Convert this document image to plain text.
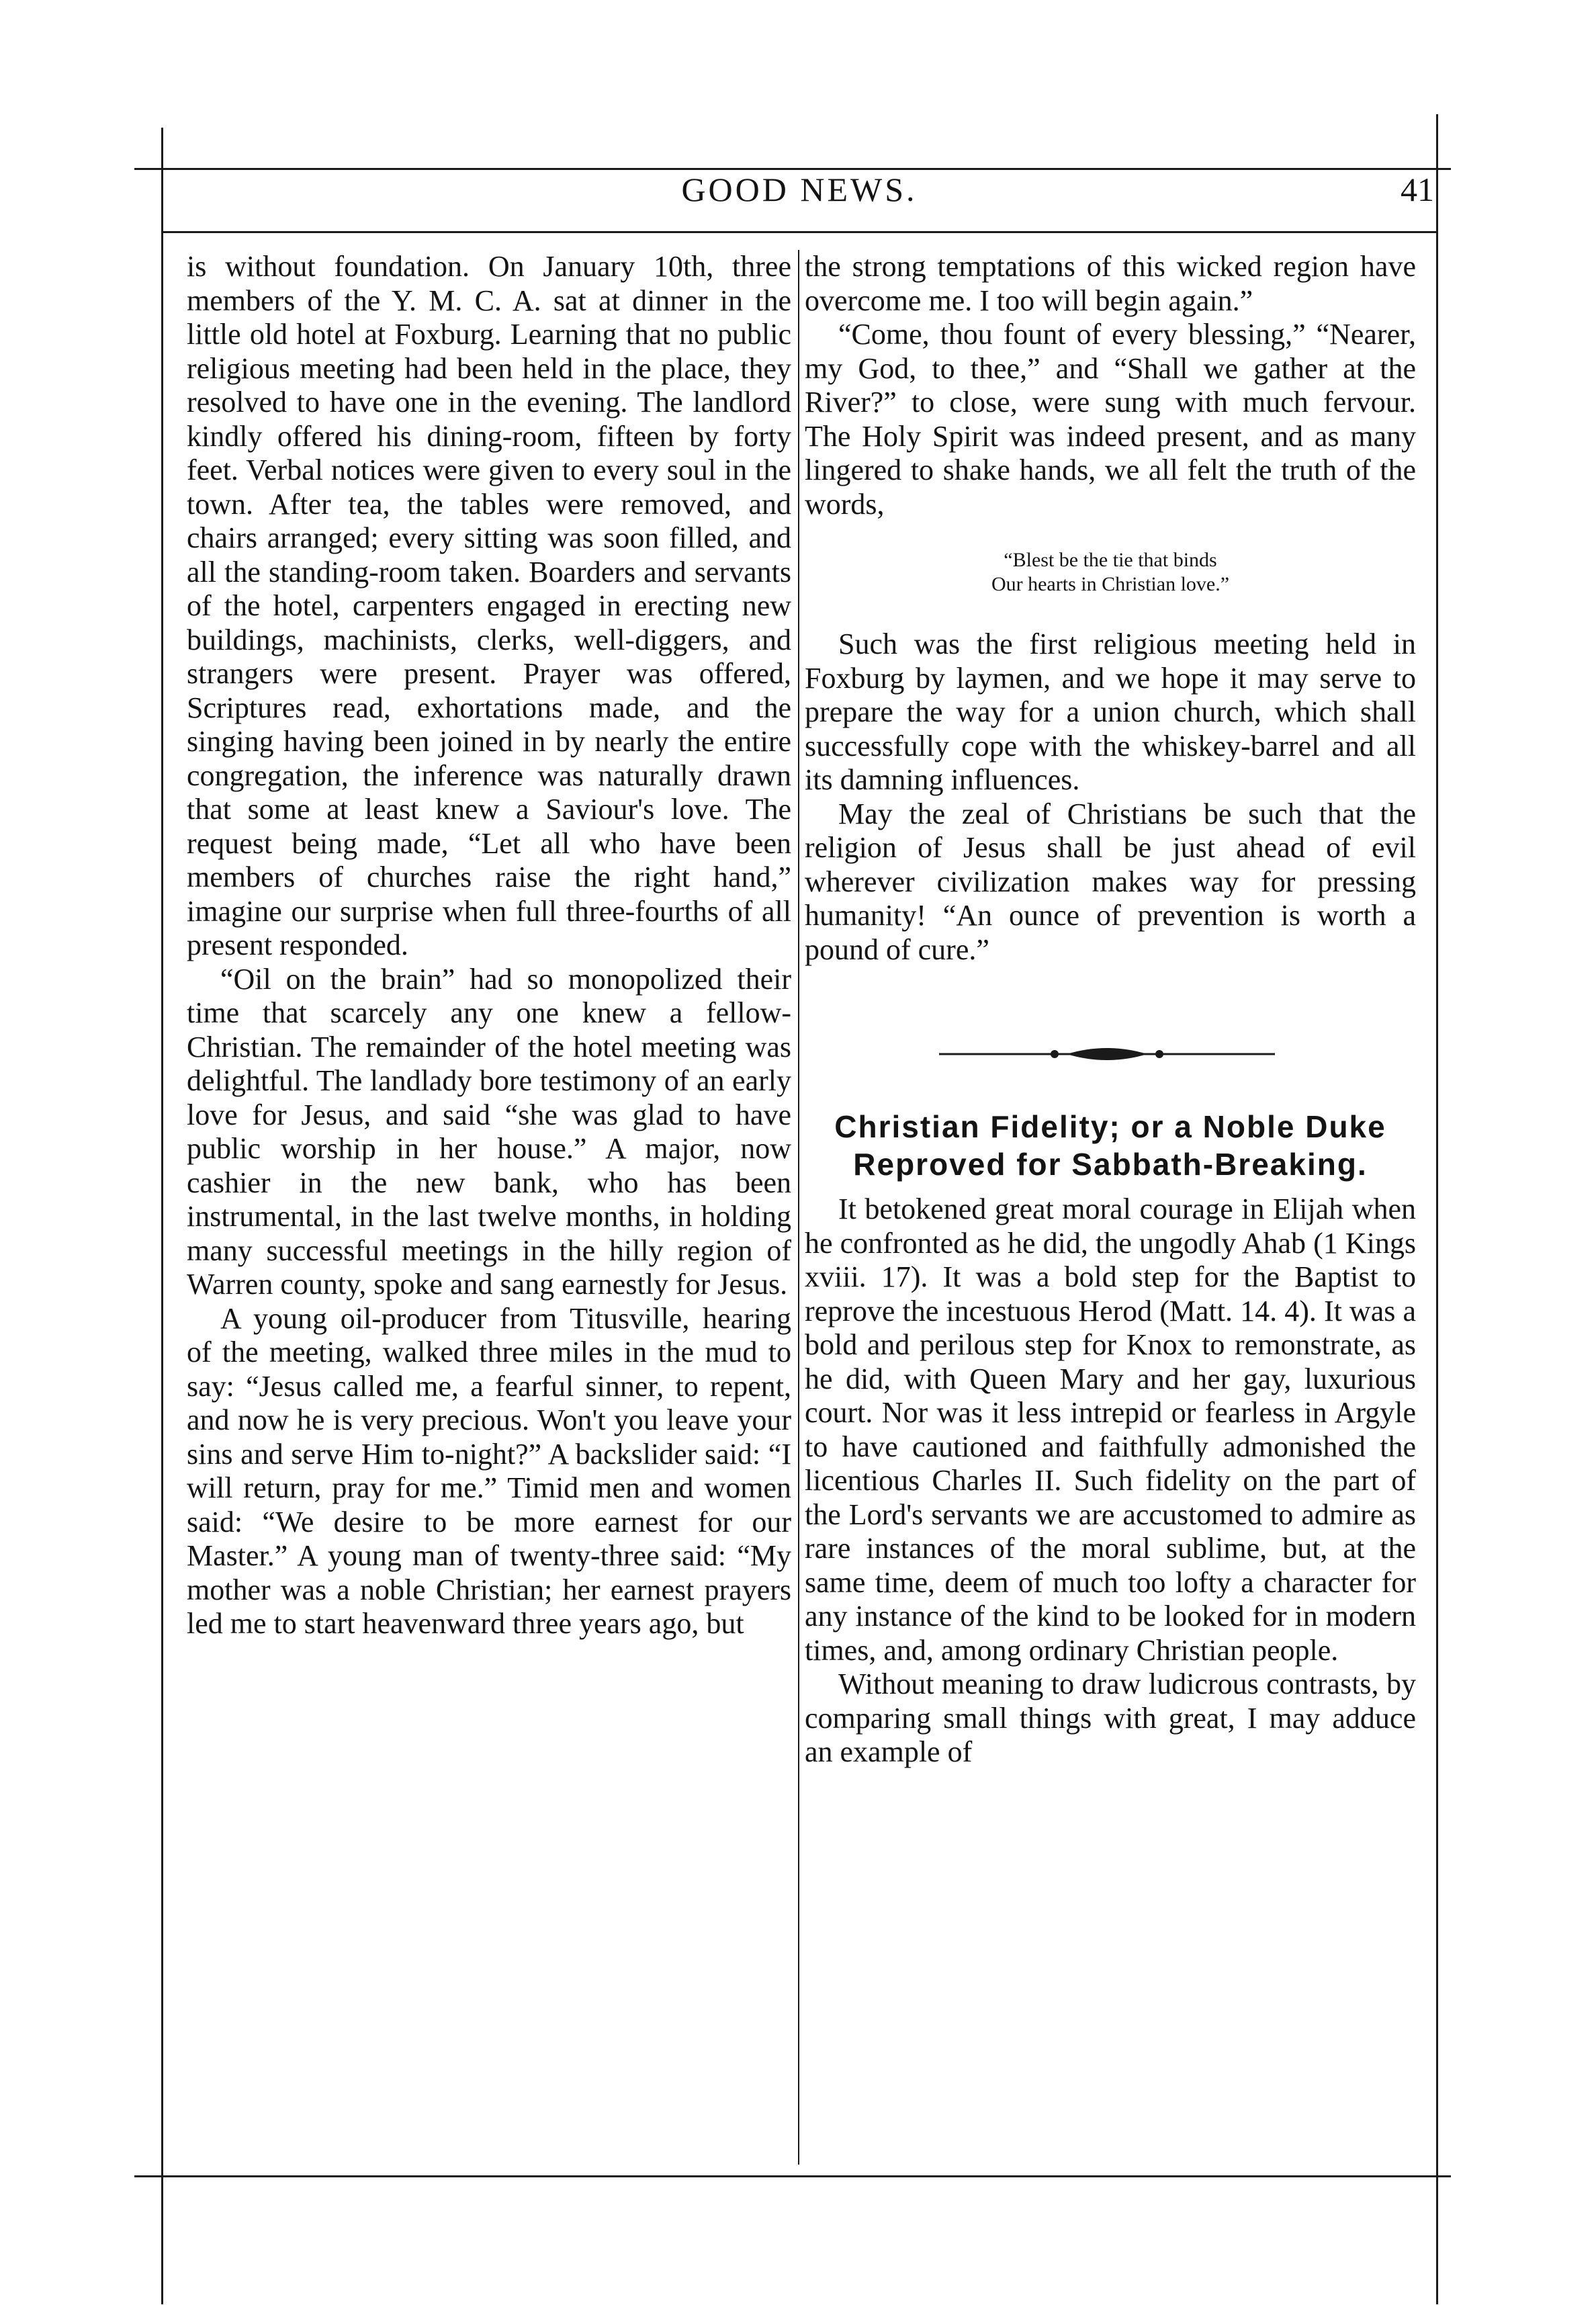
GOOD NEWS.	41

is without foundation. On January 10th, three members of the Y. M. C. A. sat at dinner in the little old hotel at Foxburg. Learning that no public religious meeting had been held in the place, they resolved to have one in the evening. The landlord kindly offered his dining-room, fifteen by forty feet. Verbal notices were given to every soul in the town. After tea, the tables were removed, and chairs arranged; every sitting was soon filled, and all the standing-room taken. Boarders and servants of the hotel, carpenters engaged in erecting new buildings, machinists, clerks, well-diggers, and strangers were present. Prayer was offered, Scriptures read, exhortations made, and the singing having been joined in by nearly the entire congregation, the inference was naturally drawn that some at least knew a Saviour's love. The request being made, “Let all who have been members of churches raise the right hand,” imagine our surprise when full three-fourths of all present responded.

“Oil on the brain” had so monopolized their time that scarcely any one knew a fellow-Christian. The remainder of the hotel meeting was delightful. The landlady bore testimony of an early love for Jesus, and said “she was glad to have public worship in her house.” A major, now cashier in the new bank, who has been instrumental, in the last twelve months, in holding many successful meetings in the hilly region of Warren county, spoke and sang earnestly for Jesus.

A young oil-producer from Titusville, hearing of the meeting, walked three miles in the mud to say: “Jesus called me, a fearful sinner, to repent, and now he is very precious. Won't you leave your sins and serve Him to-night?” A backslider said: “I will return, pray for me.” Timid men and women said: “We desire to be more earnest for our Master.” A young man of twenty-three said: “My mother was a noble Christian; her earnest prayers led me to start heavenward three years ago, but

the strong temptations of this wicked region have overcome me. I too will begin again.”

“Come, thou fount of every blessing,” “Nearer, my God, to thee,” and “Shall we gather at the River?” to close, were sung with much fervour. The Holy Spirit was indeed present, and as many lingered to shake hands, we all felt the truth of the words,

“Blest be the tie that binds

Our hearts in Christian love.”

Such was the first religious meeting held in Foxburg by laymen, and we hope it may serve to prepare the way for a union church, which shall successfully cope with the whiskey-barrel and all its damning influences.

May the zeal of Christians be such that the religion of Jesus shall be just ahead of evil wherever civilization makes way for pressing humanity! “An ounce of prevention is worth a pound of cure.”

Christian Fidelity; or a Noble Duke Reproved for Sabbath-Breaking.

It betokened great moral courage in Elijah when he confronted as he did, the ungodly Ahab (1 Kings xviii. 17). It was a bold step for the Baptist to reprove the incestuous Herod (Matt. 14. 4). It was a bold and perilous step for Knox to remonstrate, as he did, with Queen Mary and her gay, luxurious court. Nor was it less intrepid or fearless in Argyle to have cautioned and faithfully admonished the licentious Charles II. Such fidelity on the part of the Lord's servants we are accustomed to admire as rare instances of the moral sublime, but, at the same time, deem of much too lofty a character for any instance of the kind to be looked for in modern times, and, among ordinary Christian people.

Without meaning to draw ludicrous contrasts, by comparing small things with great, I may adduce an example of
